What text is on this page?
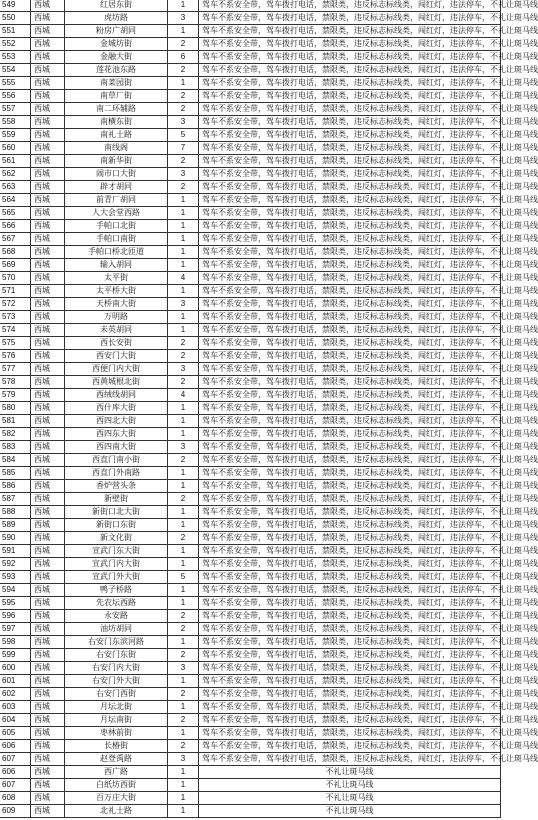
549	西城	红居东街	1	驾车不系安全带，驾车拨打电话，禁限类，违反标志标线类，闯红灯，违法停车，不礼让斑马线
550	西城	虎坊路	3	驾车不系安全带，驾车拨打电话，禁限类，违反标志标线类，闯红灯，违法停车，不礼让斑马线
551	西城	粉房广胡同	1	驾车不系安全带，驾车拨打电话，禁限类，违反标志标线类，闯红灯，违法停车，不礼让斑马线
552	西城	金城坊街	2	驾车不系安全带，驾车拨打电话，禁限类，违反标志标线类，闯红灯，违法停车，不礼让斑马线
553	西城	金融大街	6	驾车不系安全带，驾车拨打电话，禁限类，违反标志标线类，闯红灯，违法停车，不礼让斑马线
554	西城	莲花池东路	2	驾车不系安全带，驾车拨打电话，禁限类，违反标志标线类，闯红灯，违法停车，不礼让斑马线
555	西城	南菜园街	1	驾车不系安全带，驾车拨打电话，禁限类，违反标志标线类，闯红灯，违法停车，不礼让斑马线
556	西城	南草厂街	2	驾车不系安全带，驾车拨打电话，禁限类，违反标志标线类，闯红灯，违法停车，不礼让斑马线
557	西城	南二环辅路	2	驾车不系安全带，驾车拨打电话，禁限类，违反标志标线类，闯红灯，违法停车，不礼让斑马线
558	西城	南横东街	3	驾车不系安全带，驾车拨打电话，禁限类，违反标志标线类，闯红灯，违法停车，不礼让斑马线
559	西城	南礼士路	5	驾车不系安全带，驾车拨打电话，禁限类，违反标志标线类，闯红灯，违法停车，不礼让斑马线
560	西城	南线阁	7	驾车不系安全带，驾车拨打电话，禁限类，违反标志标线类，闯红灯，违法停车，不礼让斑马线
561	西城	南新华街	2	驾车不系安全带，驾车拨打电话，禁限类，违反标志标线类，闯红灯，违法停车，不礼让斑马线
562	西城	闹市口大街	3	驾车不系安全带，驾车拨打电话，禁限类，违反标志标线类，闯红灯，违法停车，不礼让斑马线
563	西城	辟才胡同	2	驾车不系安全带，驾车拨打电话，禁限类，违反标志标线类，闯红灯，违法停车，不礼让斑马线
564	西城	前青厂胡同	1	驾车不系安全带，驾车拨打电话，禁限类，违反标志标线类，闯红灯，违法停车，不礼让斑马线
565	西城	人大会堂西路	1	驾车不系安全带，驾车拨打电话，禁限类，违反标志标线类，闯红灯，违法停车，不礼让斑马线
566	西城	手帕口北街	1	驾车不系安全带，驾车拨打电话，禁限类，违反标志标线类，闯红灯，违法停车，不礼让斑马线
567	西城	手帕口南街	1	驾车不系安全带，驾车拨打电话，禁限类，违反标志标线类，闯红灯，违法停车，不礼让斑马线
568	西城	手帕口桥北匝道	1	驾车不系安全带，驾车拨打电话，禁限类，违反标志标线类，闯红灯，违法停车，不礼让斑马线
569	西城	输入胡同	1	驾车不系安全带，驾车拨打电话，禁限类，违反标志标线类，闯红灯，违法停车，不礼让斑马线
570	西城	太平街	4	驾车不系安全带，驾车拨打电话，禁限类，违反标志标线类，闯红灯，违法停车，不礼让斑马线
571	西城	太平桥大街	1	驾车不系安全带，驾车拨打电话，禁限类，违反标志标线类，闯红灯，违法停车，不礼让斑马线
572	西城	天桥南大街	3	驾车不系安全带，驾车拨打电话，禁限类，违反标志标线类，闯红灯，违法停车，不礼让斑马线
573	西城	万明路	1	驾车不系安全带，驾车拨打电话，禁限类，违反标志标线类，闯红灯，违法停车，不礼让斑马线
574	西城	未英胡同	1	驾车不系安全带，驾车拨打电话，禁限类，违反标志标线类，闯红灯，违法停车，不礼让斑马线
575	西城	西长安街	2	驾车不系安全带，驾车拨打电话，禁限类，违反标志标线类，闯红灯，违法停车，不礼让斑马线
576	西城	西安门大街	2	驾车不系安全带，驾车拨打电话，禁限类，违反标志标线类，闯红灯，违法停车，不礼让斑马线
577	西城	西便门内大街	3	驾车不系安全带，驾车拨打电话，禁限类，违反标志标线类，闯红灯，违法停车，不礼让斑马线
578	西城	西黄城根北街	2	驾车不系安全带，驾车拨打电话，禁限类，违反标志标线类，闯红灯，违法停车，不礼让斑马线
579	西城	西绒线胡同	4	驾车不系安全带，驾车拨打电话，禁限类，违反标志标线类，闯红灯，违法停车，不礼让斑马线
580	西城	西什库大街	1	驾车不系安全带，驾车拨打电话，禁限类，违反标志标线类，闯红灯，违法停车，不礼让斑马线
581	西城	西四北大街	1	驾车不系安全带，驾车拨打电话，禁限类，违反标志标线类，闯红灯，违法停车，不礼让斑马线
582	西城	西四东大街	1	驾车不系安全带，驾车拨打电话，禁限类，违反标志标线类，闯红灯，违法停车，不礼让斑马线
583	西城	西四南大街	3	驾车不系安全带，驾车拨打电话，禁限类，违反标志标线类，闯红灯，违法停车，不礼让斑马线
584	西城	西直门南小街	2	驾车不系安全带，驾车拨打电话，禁限类，违反标志标线类，闯红灯，违法停车，不礼让斑马线
585	西城	西直门外南路	1	驾车不系安全带，驾车拨打电话，禁限类，违反标志标线类，闯红灯，违法停车，不礼让斑马线
586	西城	香炉营头条	1	驾车不系安全带，驾车拨打电话，禁限类，违反标志标线类，闯红灯，违法停车，不礼让斑马线
587	西城	新壁街	2	驾车不系安全带，驾车拨打电话，禁限类，违反标志标线类，闯红灯，违法停车，不礼让斑马线
588	西城	新街口北大街	1	驾车不系安全带，驾车拨打电话，禁限类，违反标志标线类，闯红灯，违法停车，不礼让斑马线
589	西城	新街口东街	1	驾车不系安全带，驾车拨打电话，禁限类，违反标志标线类，闯红灯，违法停车，不礼让斑马线
590	西城	新文化街	2	驾车不系安全带，驾车拨打电话，禁限类，违反标志标线类，闯红灯，违法停车，不礼让斑马线
591	西城	宣武门东大街	1	驾车不系安全带，驾车拨打电话，禁限类，违反标志标线类，闯红灯，违法停车，不礼让斑马线
592	西城	宣武门内大街	1	驾车不系安全带，驾车拨打电话，禁限类，违反标志标线类，闯红灯，违法停车，不礼让斑马线
593	西城	宣武门外大街	5	驾车不系安全带，驾车拨打电话，禁限类，违反标志标线类，闯红灯，违法停车，不礼让斑马线
594	西城	鸭子桥路	1	驾车不系安全带，驾车拨打电话，禁限类，违反标志标线类，闯红灯，违法停车，不礼让斑马线
595	西城	先农坛西路	1	驾车不系安全带，驾车拨打电话，禁限类，违反标志标线类，闯红灯，违法停车，不礼让斑马线
596	西城	永安路	2	驾车不系安全带，驾车拨打电话，禁限类，违反标志标线类，闯红灯，违法停车，不礼让斑马线
597	西城	油坊胡同	2	驾车不系安全带，驾车拨打电话，禁限类，违反标志标线类，闯红灯，违法停车，不礼让斑马线
598	西城	右安门东滨河路	1	驾车不系安全带，驾车拨打电话，禁限类，违反标志标线类，闯红灯，违法停车，不礼让斑马线
599	西城	右安门东街	2	驾车不系安全带，驾车拨打电话，禁限类，违反标志标线类，闯红灯，违法停车，不礼让斑马线
600	西城	右安门内大街	3	驾车不系安全带，驾车拨打电话，禁限类，违反标志标线类，闯红灯，违法停车，不礼让斑马线
601	西城	右安门外大街	1	驾车不系安全带，驾车拨打电话，禁限类，违反标志标线类，闯红灯，违法停车，不礼让斑马线
602	西城	右安门西街	2	驾车不系安全带，驾车拨打电话，禁限类，违反标志标线类，闯红灯，违法停车，不礼让斑马线
603	西城	月坛北街	1	驾车不系安全带，驾车拨打电话，禁限类，违反标志标线类，闯红灯，违法停车，不礼让斑马线
604	西城	月坛南街	2	驾车不系安全带，驾车拨打电话，禁限类，违反标志标线类，闯红灯，违法停车，不礼让斑马线
605	西城	枣林前街	1	驾车不系安全带，驾车拨打电话，禁限类，违反标志标线类，闯红灯，违法停车，不礼让斑马线
606	西城	长椿街	2	驾车不系安全带，驾车拨打电话，禁限类，违反标志标线类，闯红灯，违法停车，不礼让斑马线
607	西城	赵登禹路	3	驾车不系安全带，驾车拨打电话，禁限类，违反标志标线类，闯红灯，违法停车，不礼让斑马线
606	西城	西广路	1	不礼让斑马线
607	西城	白纸坊西街	1	不礼让斑马线
608	西城	百万庄大街	1	不礼让斑马线
609	西城	北礼士路	1	不礼让斑马线
